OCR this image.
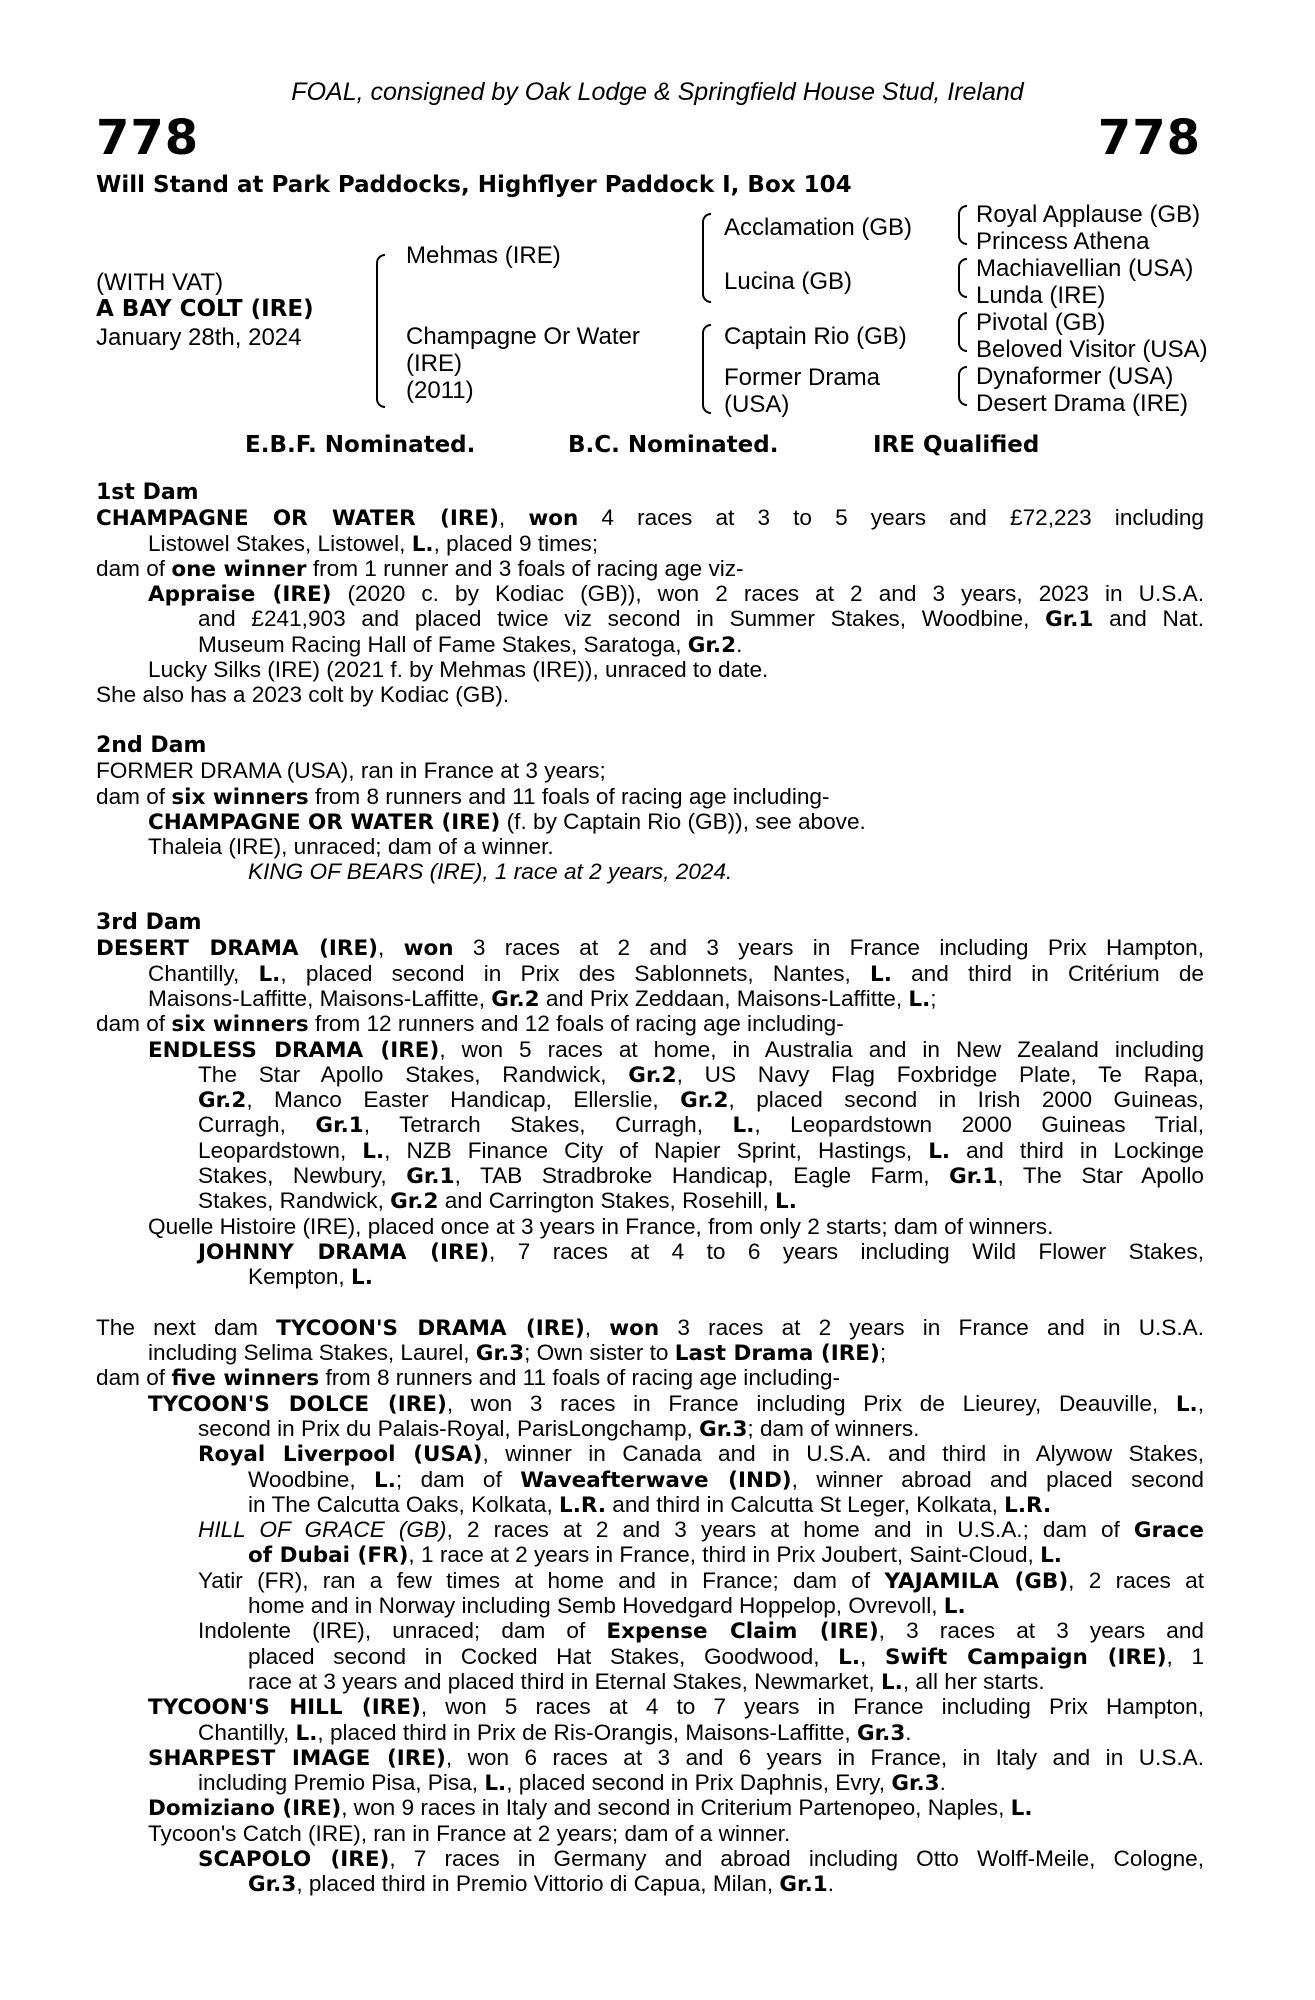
FOAL, consigned by Oak Lodge & Springfield House Stud, Ireland
778	778
Will Stand at Park Paddocks, Highflyer Paddock I, Box 104
(WITH VAT)
A BAY COLT (IRE)
January 28th, 2024
Mehmas (IRE)
Champagne Or Water
(IRE)
(2011)
Acclamation (GB)
Lucina (GB)
Captain Rio (GB)
Former Drama
(USA)
Royal Applause (GB)
Princess Athena
Machiavellian (USA)
Lunda (IRE)
Pivotal (GB)
Beloved Visitor (USA)
Dynaformer (USA)
Desert Drama (IRE)
E.B.F. Nominated.	B.C. Nominated.	IRE Qualified
1st Dam
CHAMPAGNE OR WATER (IRE), won 4 races at 3 to 5 years and £72,223 including
Listowel Stakes, Listowel, L., placed 9 times;
dam of one winner from 1 runner and 3 foals of racing age viz-
Appraise (IRE) (2020 c. by Kodiac (GB)), won 2 races at 2 and 3 years, 2023 in U.S.A.
and £241,903 and placed twice viz second in Summer Stakes, Woodbine, Gr.1 and Nat.
Museum Racing Hall of Fame Stakes, Saratoga, Gr.2.
Lucky Silks (IRE) (2021 f. by Mehmas (IRE)), unraced to date.
She also has a 2023 colt by Kodiac (GB).
2nd Dam
FORMER DRAMA (USA), ran in France at 3 years;
dam of six winners from 8 runners and 11 foals of racing age including-
CHAMPAGNE OR WATER (IRE) (f. by Captain Rio (GB)), see above.
Thaleia (IRE), unraced; dam of a winner.
KING OF BEARS (IRE), 1 race at 2 years, 2024.
3rd Dam
DESERT DRAMA (IRE), won 3 races at 2 and 3 years in France including Prix Hampton,
Chantilly, L., placed second in Prix des Sablonnets, Nantes, L. and third in Critérium de
Maisons-Laffitte, Maisons-Laffitte, Gr.2 and Prix Zeddaan, Maisons-Laffitte, L.;
dam of six winners from 12 runners and 12 foals of racing age including-
ENDLESS DRAMA (IRE), won 5 races at home, in Australia and in New Zealand including
The Star Apollo Stakes, Randwick, Gr.2, US Navy Flag Foxbridge Plate, Te Rapa,
Gr.2, Manco Easter Handicap, Ellerslie, Gr.2, placed second in Irish 2000 Guineas,
Curragh, Gr.1, Tetrarch Stakes, Curragh, L., Leopardstown 2000 Guineas Trial,
Leopardstown, L., NZB Finance City of Napier Sprint, Hastings, L. and third in Lockinge
Stakes, Newbury, Gr.1, TAB Stradbroke Handicap, Eagle Farm, Gr.1, The Star Apollo
Stakes, Randwick, Gr.2 and Carrington Stakes, Rosehill, L.
Quelle Histoire (IRE), placed once at 3 years in France, from only 2 starts; dam of winners.
JOHNNY DRAMA (IRE), 7 races at 4 to 6 years including Wild Flower Stakes,
Kempton, L.
The next dam TYCOON'S DRAMA (IRE), won 3 races at 2 years in France and in U.S.A.
including Selima Stakes, Laurel, Gr.3; Own sister to Last Drama (IRE);
dam of five winners from 8 runners and 11 foals of racing age including-
TYCOON'S DOLCE (IRE), won 3 races in France including Prix de Lieurey, Deauville, L.,
second in Prix du Palais-Royal, ParisLongchamp, Gr.3; dam of winners.
Royal Liverpool (USA), winner in Canada and in U.S.A. and third in Alywow Stakes,
Woodbine, L.; dam of Waveafterwave (IND), winner abroad and placed second
in The Calcutta Oaks, Kolkata, L.R. and third in Calcutta St Leger, Kolkata, L.R.
HILL OF GRACE (GB), 2 races at 2 and 3 years at home and in U.S.A.; dam of Grace
of Dubai (FR), 1 race at 2 years in France, third in Prix Joubert, Saint-Cloud, L.
Yatir (FR), ran a few times at home and in France; dam of YAJAMILA (GB), 2 races at
home and in Norway including Semb Hovedgard Hoppelop, Ovrevoll, L.
Indolente (IRE), unraced; dam of Expense Claim (IRE), 3 races at 3 years and
placed second in Cocked Hat Stakes, Goodwood, L., Swift Campaign (IRE), 1
race at 3 years and placed third in Eternal Stakes, Newmarket, L., all her starts.
TYCOON'S HILL (IRE), won 5 races at 4 to 7 years in France including Prix Hampton,
Chantilly, L., placed third in Prix de Ris-Orangis, Maisons-Laffitte, Gr.3.
SHARPEST IMAGE (IRE), won 6 races at 3 and 6 years in France, in Italy and in U.S.A.
including Premio Pisa, Pisa, L., placed second in Prix Daphnis, Evry, Gr.3.
Domiziano (IRE), won 9 races in Italy and second in Criterium Partenopeo, Naples, L.
Tycoon's Catch (IRE), ran in France at 2 years; dam of a winner.
SCAPOLO (IRE), 7 races in Germany and abroad including Otto Wolff-Meile, Cologne,
Gr.3, placed third in Premio Vittorio di Capua, Milan, Gr.1.
